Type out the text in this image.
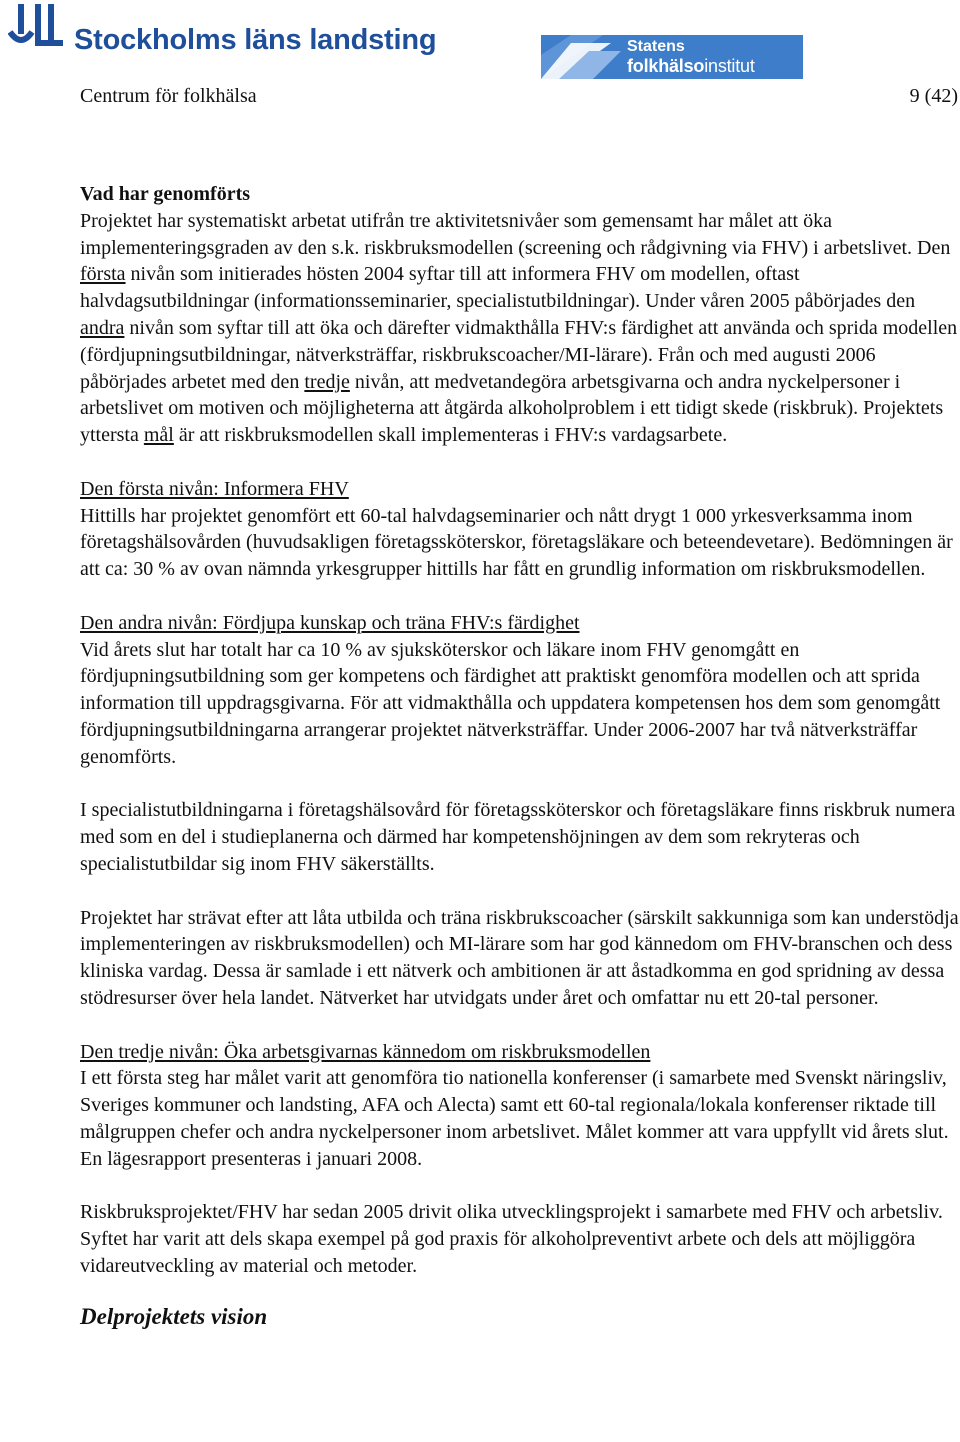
Stockholms läns landsting	Statens
folkhälsoinstitut
Centrum för folkhälsa	9 (42)
Vad har genomförts

Projektet har systematiskt arbetat utifrån tre aktivitetsnivåer som gemensamt har målet att öka implementeringsgraden av den s.k. riskbruksmodellen (screening och rådgivning via FHV) i arbetslivet. Den första nivån som initierades hösten 2004 syftar till att informera FHV om modellen, oftast halvdagsutbildningar (informationsseminarier, specialistutbildningar). Under våren 2005 påbörjades den andra nivån som syftar till att öka och därefter vidmakthålla FHV:s färdighet att använda och sprida modellen (fördjupningsutbildningar, nätverksträffar, riskbrukscoacher/MI-lärare). Från och med augusti 2006 påbörjades arbetet med den tredje nivån, att medvetandegöra arbetsgivarna och andra nyckelpersoner i arbetslivet om motiven och möjligheterna att åtgärda alkoholproblem i ett tidigt skede (riskbruk). Projektets yttersta mål är att riskbruksmodellen skall implementeras i FHV:s vardagsarbete.

Den första nivån: Informera FHV
Hittills har projektet genomfört ett 60-tal halvdagseminarier och nått drygt 1 000 yrkesverksamma inom företagshälsovården (huvudsakligen företagssköterskor, företagsläkare och beteendevetare). Bedömningen är att ca: 30 % av ovan nämnda yrkesgrupper hittills har fått en grundlig information om riskbruksmodellen.

Den andra nivån: Fördjupa kunskap och träna FHV:s färdighet
Vid årets slut har totalt har ca 10 % av sjuksköterskor och läkare inom FHV genomgått en fördjupningsutbildning som ger kompetens och färdighet att praktiskt genomföra modellen och att sprida information till uppdragsgivarna. För att vidmakthålla och uppdatera kompetensen hos dem som genomgått fördjupningsutbildningarna arrangerar projektet nätverksträffar. Under 2006-2007 har två nätverksträffar genomförts.

I specialistutbildningarna i företagshälsovård för företagssköterskor och företagsläkare finns riskbruk numera med som en del i studieplanerna och därmed har kompetenshöjningen av dem som rekryteras och specialistutbildar sig inom FHV säkerställts.

Projektet har strävat efter att låta utbilda och träna riskbrukscoacher (särskilt sakkunniga som kan understödja implementeringen av riskbruksmodellen) och MI-lärare som har god kännedom om FHV-branschen och dess kliniska vardag. Dessa är samlade i ett nätverk och ambitionen är att åstadkomma en god spridning av dessa stödresurser över hela landet. Nätverket har utvidgats under året och omfattar nu ett 20-tal personer.

Den tredje nivån: Öka arbetsgivarnas kännedom om riskbruksmodellen
I ett första steg har målet varit att genomföra tio nationella konferenser (i samarbete med Svenskt näringsliv, Sveriges kommuner och landsting, AFA och Alecta) samt ett 60-tal regionala/lokala konferenser riktade till målgruppen chefer och andra nyckelpersoner inom arbetslivet. Målet kommer att vara uppfyllt vid årets slut. En lägesrapport presenteras i januari 2008.

Riskbruksprojektet/FHV har sedan 2005 drivit olika utvecklingsprojekt i samarbete med FHV och arbetsliv. Syftet har varit att dels skapa exempel på god praxis för alkoholpreventivt arbete och dels att möjliggöra vidareutveckling av material och metoder.

Delprojektets vision
